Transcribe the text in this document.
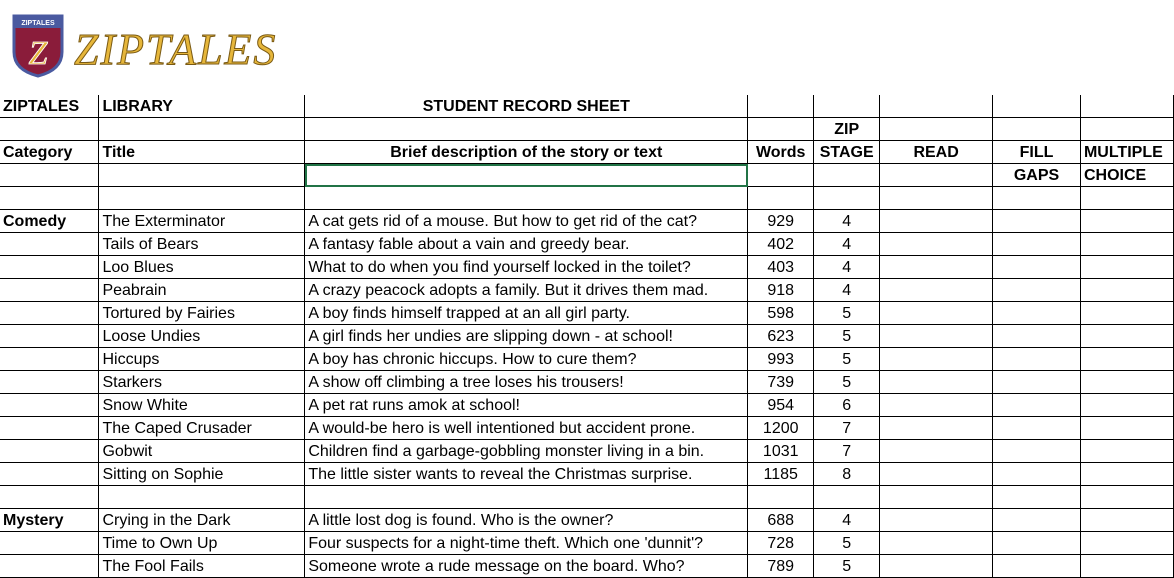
ZIPTALES
Z ZIPTALES
ZIPTALES	LIBRARY	STUDENT RECORD SHEET					
				ZIP			
Category	Title	Brief description of the story or text	Words	STAGE	READ	FILL	MULTIPLE
						GAPS	CHOICE

Comedy	The Exterminator	A cat gets rid of a mouse. But how to get rid of the cat?	929	4			
	Tails of Bears	A fantasy fable about a vain and greedy bear.	402	4			
	Loo Blues	What to do when you find yourself locked in the toilet?	403	4			
	Peabrain	A crazy peacock adopts a family. But it drives them mad.	918	4			
	Tortured by Fairies	A boy finds himself trapped at an all girl party.	598	5			
	Loose Undies	A girl finds her undies are slipping down - at school!	623	5			
	Hiccups	A boy has chronic hiccups. How to cure them?	993	5			
	Starkers	A show off climbing a tree loses his trousers!	739	5			
	Snow White	A pet rat runs amok at school!	954	6			
	The Caped Crusader	A would-be hero is well intentioned but accident prone.	1200	7			
	Gobwit	Children find a garbage-gobbling monster living in a bin.	1031	7			
	Sitting on Sophie	The little sister wants to reveal the Christmas surprise.	1185	8			

Mystery	Crying in the Dark	A little lost dog is found. Who is the owner?	688	4			
	Time to Own Up	Four suspects for a night-time theft. Which one 'dunnit'?	728	5			
	The Fool Fails	Someone wrote a rude message on the board. Who?	789	5			
